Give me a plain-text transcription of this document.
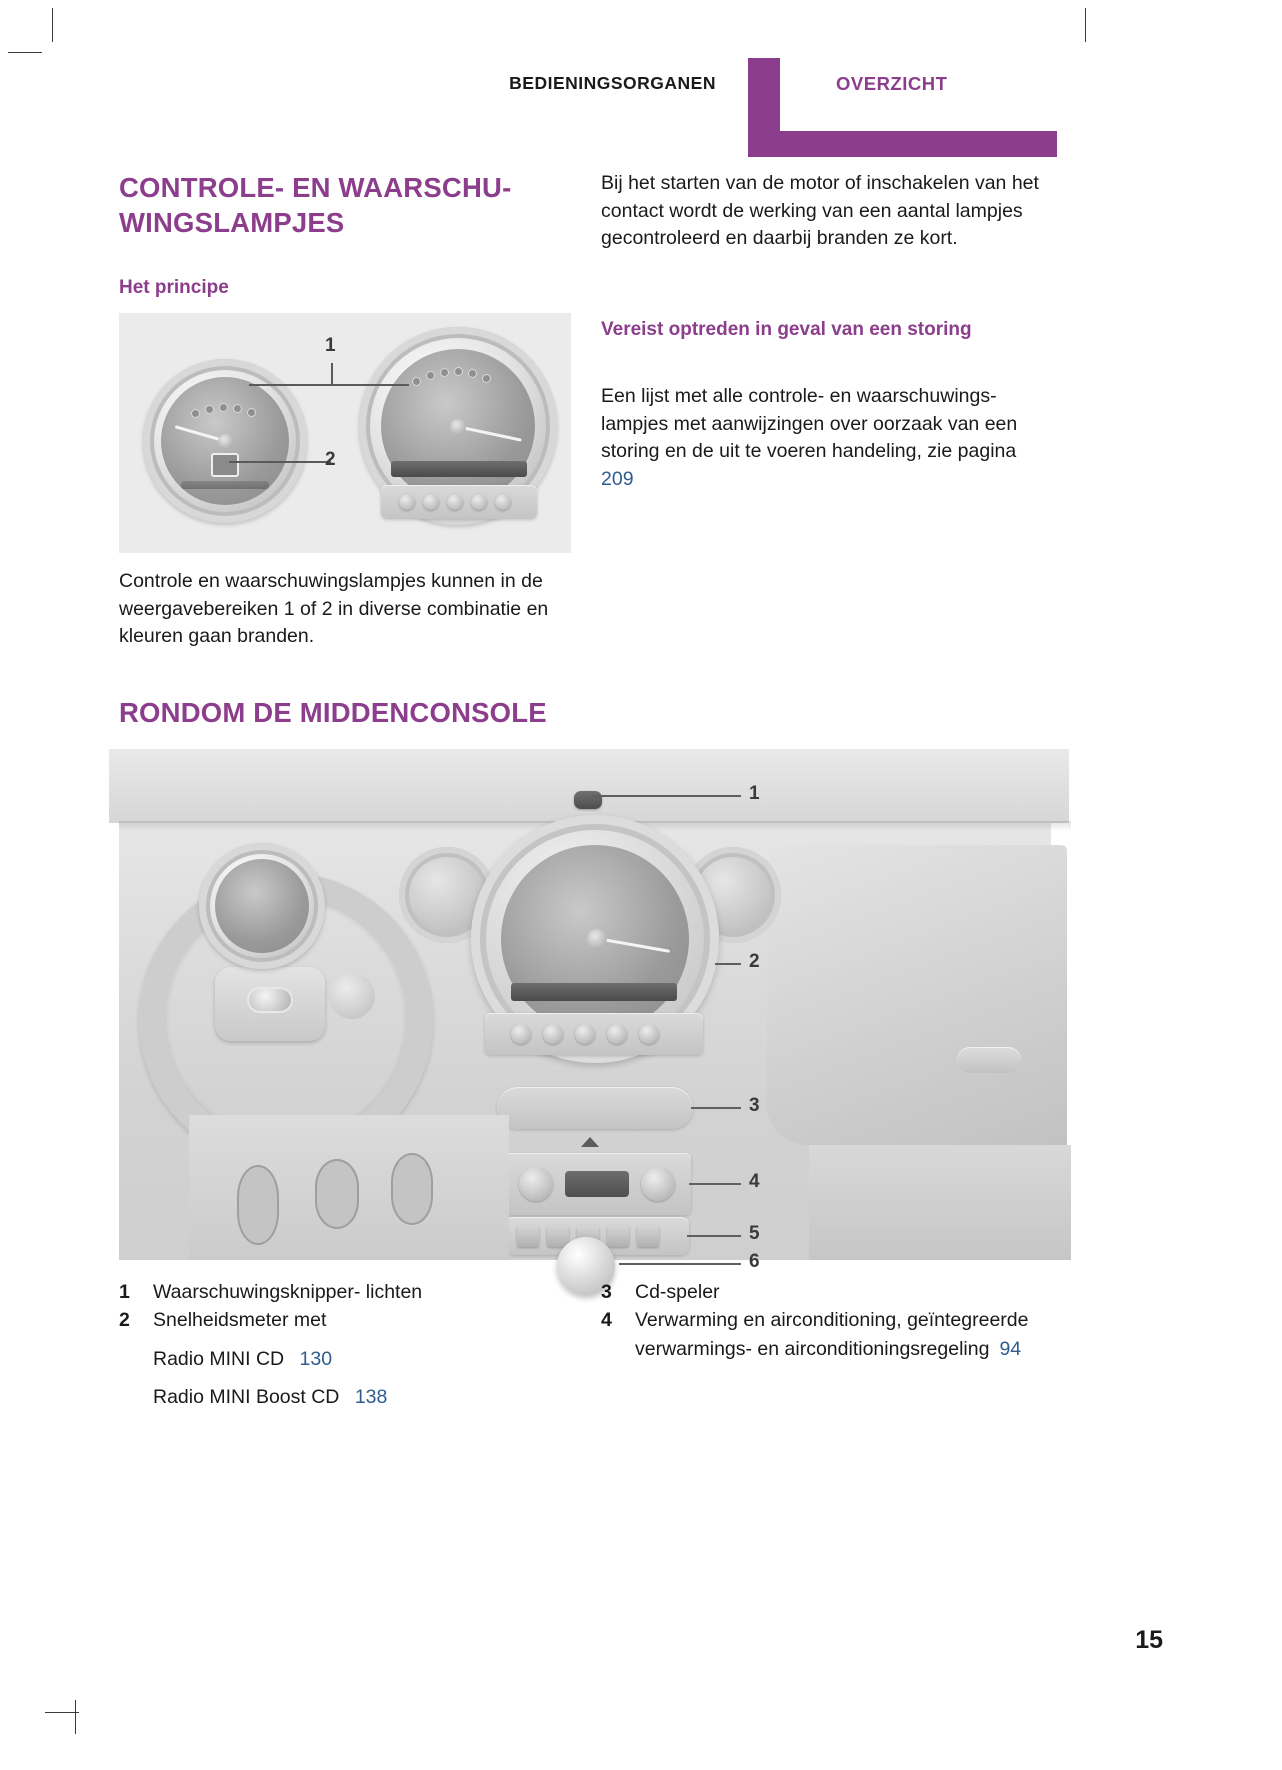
BEDIENINGSORGANEN	OVERZICHT
CONTROLE- EN WAARSCHU-
WINGSLAMPJES
Het principe
1
2

Controle en waarschuwingslampjes kunnen in de weergavebereiken 1 of 2 in diverse combinatie en kleuren gaan branden.

Bij het starten van de motor of inschakelen van het contact wordt de werking van een aantal lampjes gecontroleerd en daarbij branden ze kort.

Vereist optreden in geval van een storing

Een lijst met alle controle- en waarschuwingslampjes met aanwijzingen over oorzaak van een storing en de uit te voeren handeling, zie pagina 209

RONDOM DE MIDDENCONSOLE
1
2
3
4
5
6
1	Waarschuwingsknipper- lichten
2	Snelheidsmeter met
Radio MINI CD 130
Radio MINI Boost CD 138
3	Cd-speler
4	Verwarming en airconditioning, geïntegreerde verwarmings- en airconditioningsregeling 94
15
